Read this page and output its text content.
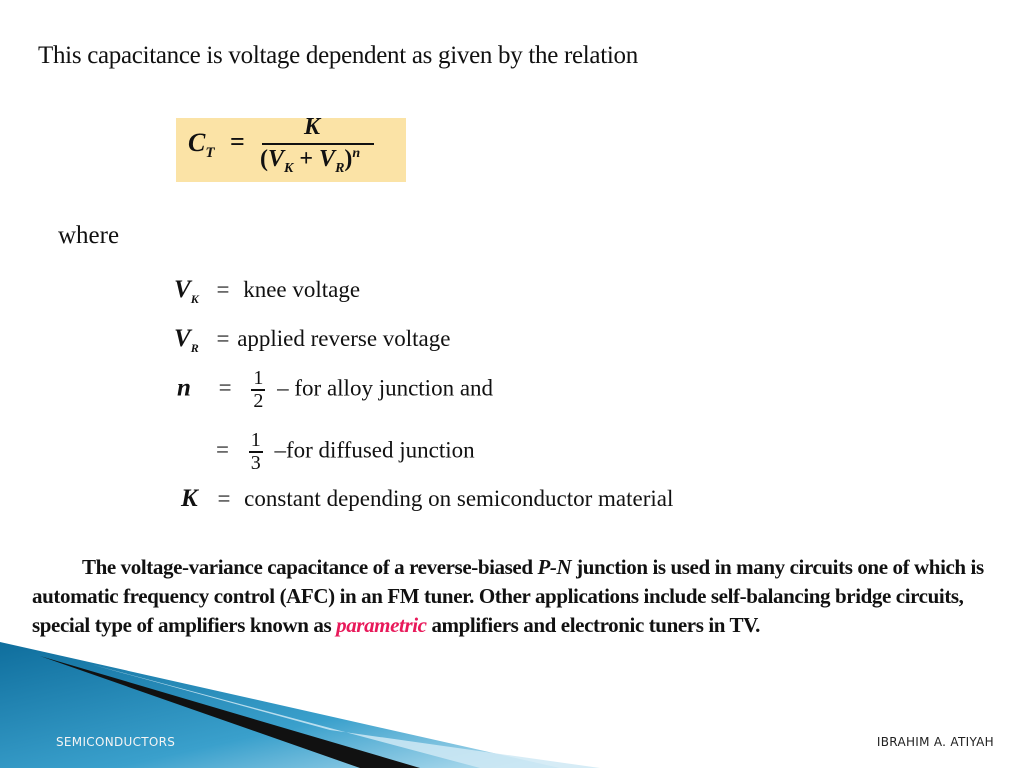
This capacitance is voltage dependent as given by the relation
$C_T = K$
$(V_K + V_R)^n$
where
$V_K$ = knee voltage
$V_R$ = applied reverse voltage
$n = \frac{1}{2}$ – for alloy junction and
= $\frac{1}{3} -for$ diffused junction
K = constant depending on semiconductor material
The voltage-variance capacitance of a reverse-biased P-N junction is used in many circuits one of which is automatic frequency control (AFC) in an FM tuner. Other applications include self-balancing bridge circuits, special type of amplifiers known as parametric amplifiers and electronic tuners in TV.
SEMICONDUCTORS	IBRAHIM A. ATIYAH
